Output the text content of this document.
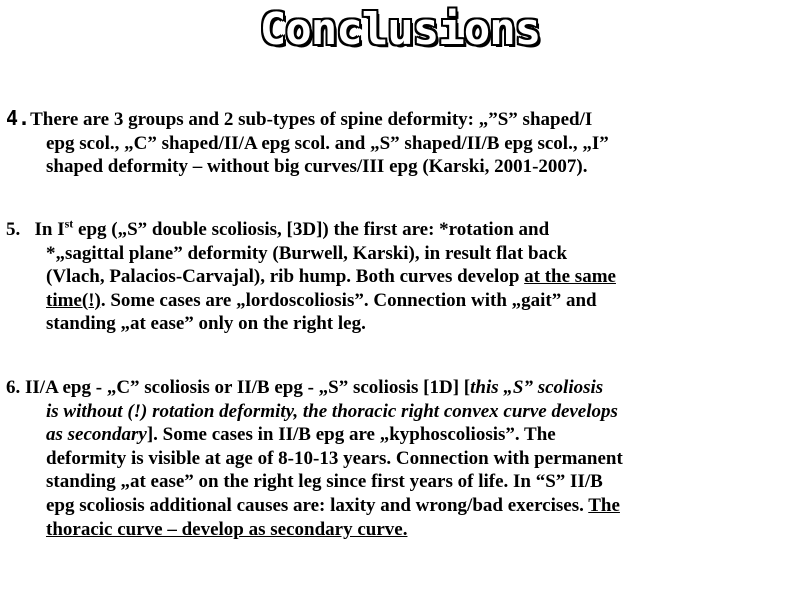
Conclusions
4.There are 3 groups and 2 sub-types of spine deformity: „”S” shaped/I
epg scol., „C” shaped/II/A epg scol. and „S” shaped/II/B epg scol., „I”
shaped deformity – without big curves/III epg (Karski, 2001-2007).
5. In Ist epg („S” double scoliosis, [3D]) the first are: *rotation and
*„sagittal plane” deformity (Burwell, Karski), in result flat back
(Vlach, Palacios-Carvajal), rib hump. Both curves develop at the same
time(!). Some cases are „lordoscoliosis”. Connection with „gait” and
standing „at ease” only on the right leg.
6. II/A epg - „C” scoliosis or II/B epg - „S” scoliosis [1D] [this „S” scoliosis
is without (!) rotation deformity, the thoracic right convex curve develops
as secondary]. Some cases in II/B epg are „kyphoscoliosis”. The
deformity is visible at age of 8-10-13 years. Connection with permanent
standing „at ease” on the right leg since first years of life. In “S” II/B
epg scoliosis additional causes are: laxity and wrong/bad exercises. The
thoracic curve – develop as secondary curve.
